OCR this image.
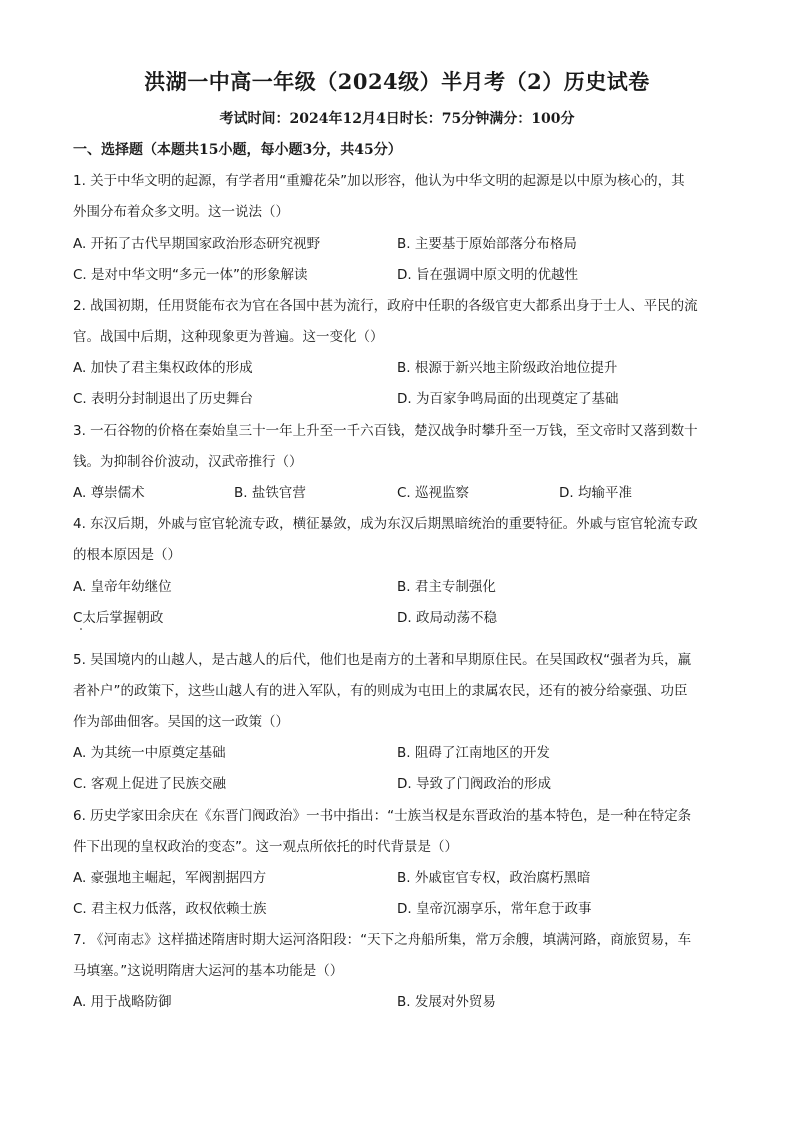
洪湖一中高一年级（2024级）半月考（2）历史试卷
考试时间：2024年12月4日时长：75分钟满分：100分
一、选择题（本题共15小题，每小题3分，共45分）
1. 关于中华文明的起源，有学者用“重瓣花朵”加以形容，他认为中华文明的起源是以中原为核心的，其
外围分布着众多文明。这一说法（）
A. 开拓了古代早期国家政治形态研究视野	B. 主要基于原始部落分布格局
C. 是对中华文明“多元一体”的形象解读	D. 旨在强调中原文明的优越性
2. 战国初期，任用贤能布衣为官在各国中甚为流行，政府中任职的各级官吏大都系出身于士人、平民的流
官。战国中后期，这种现象更为普遍。这一变化（）
A. 加快了君主集权政体的形成	B. 根源于新兴地主阶级政治地位提升
C. 表明分封制退出了历史舞台	D. 为百家争鸣局面的出现奠定了基础
3. 一石谷物的价格在秦始皇三十一年上升至一千六百钱，楚汉战争时攀升至一万钱，至文帝时又落到数十
钱。为抑制谷价波动，汉武帝推行（）
A. 尊崇儒术	B. 盐铁官营	C. 巡视监察	D. 均输平准
4. 东汉后期，外戚与宦官轮流专政，横征暴敛，成为东汉后期黑暗统治的重要特征。外戚与宦官轮流专政
的根本原因是（）
A. 皇帝年幼继位	B. 君主专制强化
C太后掌握朝政	D. 政局动荡不稳
5. 吴国境内的山越人，是古越人的后代，他们也是南方的土著和早期原住民。在吴国政权“强者为兵，羸
者补户”的政策下，这些山越人有的进入军队，有的则成为屯田上的隶属农民，还有的被分给豪强、功臣
作为部曲佃客。吴国的这一政策（）
A. 为其统一中原奠定基础	B. 阻碍了江南地区的开发
C. 客观上促进了民族交融	D. 导致了门阀政治的形成
6. 历史学家田余庆在《东晋门阀政治》一书中指出：“士族当权是东晋政治的基本特色，是一种在特定条
件下出现的皇权政治的变态”。这一观点所依托的时代背景是（）
A. 豪强地主崛起，军阀割据四方	B. 外戚宦官专权，政治腐朽黑暗
C. 君主权力低落，政权依赖士族	D. 皇帝沉溺享乐，常年怠于政事
7. 《河南志》这样描述隋唐时期大运河洛阳段：“天下之舟船所集，常万余艘，填满河路，商旅贸易，车
马填塞。”这说明隋唐大运河的基本功能是（）
A. 用于战略防御	B. 发展对外贸易
